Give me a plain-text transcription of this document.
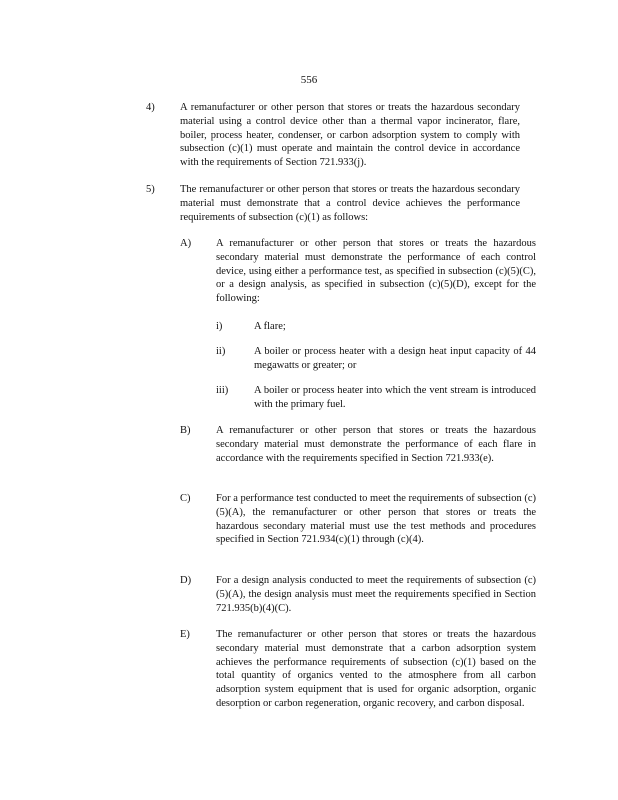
556
4) A remanufacturer or other person that stores or treats the hazardous secondary material using a control device other than a thermal vapor incinerator, flare, boiler, process heater, condenser, or carbon adsorption system to comply with subsection (c)(1) must operate and maintain the control device in accordance with the requirements of Section 721.933(j).

5) The remanufacturer or other person that stores or treats the hazardous secondary material must demonstrate that a control device achieves the performance requirements of subsection (c)(1) as follows:

A) A remanufacturer or other person that stores or treats the hazardous secondary material must demonstrate the performance of each control device, using either a performance test, as specified in subsection (c)(5)(C), or a design analysis, as specified in subsection (c)(5)(D), except for the following:

i)	A flare;

ii)	A boiler or process heater with a design heat input capacity of 44 megawatts or greater; or

iii) A boiler or process heater into which the vent stream is introduced with the primary fuel.

B) A remanufacturer or other person that stores or treats the hazardous secondary material must demonstrate the performance of each flare in accordance with the requirements specified in Section 721.933(e).

C) For a performance test conducted to meet the requirements of subsection (c)(5)(A), the remanufacturer or other person that stores or treats the hazardous secondary material must use the test methods and procedures specified in Section 721.934(c)(1) through (c)(4).

D) For a design analysis conducted to meet the requirements of subsection (c)(5)(A), the design analysis must meet the requirements specified in Section 721.935(b)(4)(C).

E) The remanufacturer or other person that stores or treats the hazardous secondary material must demonstrate that a carbon adsorption system achieves the performance requirements of subsection (c)(1) based on the total quantity of organics vented to the atmosphere from all carbon adsorption system equipment that is used for organic adsorption, organic desorption or carbon regeneration, organic recovery, and carbon disposal.
